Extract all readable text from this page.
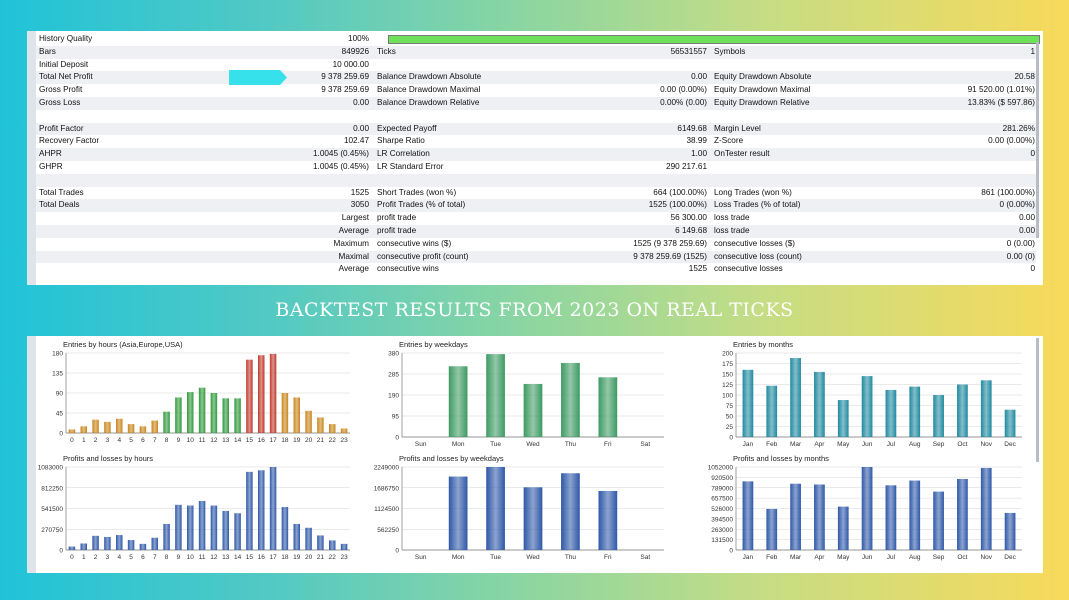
History Quality	100%
Bars	849926 Ticks	56531557 Symbols	1
Initial Deposit	10 000.00
Total Net Profit	9 378 259.69 Balance Drawdown Absolute	0.00 Equity Drawdown Absolute	20.58
Gross Profit	9 378 259.69 Balance Drawdown Maximal	0.00 (0.00%) Equity Drawdown Maximal	91 520.00 (1.01%)
Gross Loss	0.00 Balance Drawdown Relative	0.00% (0.00) Equity Drawdown Relative	13.83% ($ 597.86)
Profit Factor	0.00 Expected Payoff	6149.68 Margin Level	281.26%
Recovery Factor	102.47 Sharpe Ratio	38.99 Z-Score	0.00 (0.00%)
AHPR	1.0045 (0.45%) LR Correlation	1.00 OnTester result	0
GHPR	1.0045 (0.45%) LR Standard Error	290 217.61
Total Trades	1525 Short Trades (won %)	664 (100.00%) Long Trades (won %)	861 (100.00%)
Total Deals	3050 Profit Trades (% of total)	1525 (100.00%) Loss Trades (% of total)	0 (0.00%)
Largest profit trade	56 300.00 loss trade	0.00
Average profit trade	6 149.68 loss trade	0.00
Maximum consecutive wins ($)	1525 (9 378 259.69) consecutive losses ($)	0 (0.00)
Maximal consecutive profit (count)	9 378 259.69 (1525) consecutive loss (count)	0.00 (0)
Average consecutive wins	1525 consecutive losses	0
BACKTEST RESULTS FROM 2023 ON REAL TICKS
Entries by hours (Asia,Europe,USA)
0
45
90
135
180
0 1 2 3 4 5 6 7 8 9 10 11 12 13 14 15 16 17 18 19 20 21 22 23
Entries by weekdays
0
95
190
285
380
Sun	Mon	Tue	Wed	Thu	Fri	Sat
Entries by months
0
25
50
75
100
125
150
175
200
Jan Feb Mar Apr May Jun Jul Aug Sep Oct Nov Dec
Profits and losses by hours
0
270750
541500
812250
1083000
0 1 2 3 4 5 6 7 8 9 10 11 12 13 14 15 16 17 18 19 20 21 22 23
Profits and losses by weekdays
0
562250
1124500
1686750
2249000
Sun	Mon	Tue	Wed	Thu	Fri	Sat
Profits and losses by months
0
131500
263000
394500
526000
657500
789000
920500
1052000
Jan Feb Mar Apr May Jun Jul Aug Sep Oct Nov Dec
